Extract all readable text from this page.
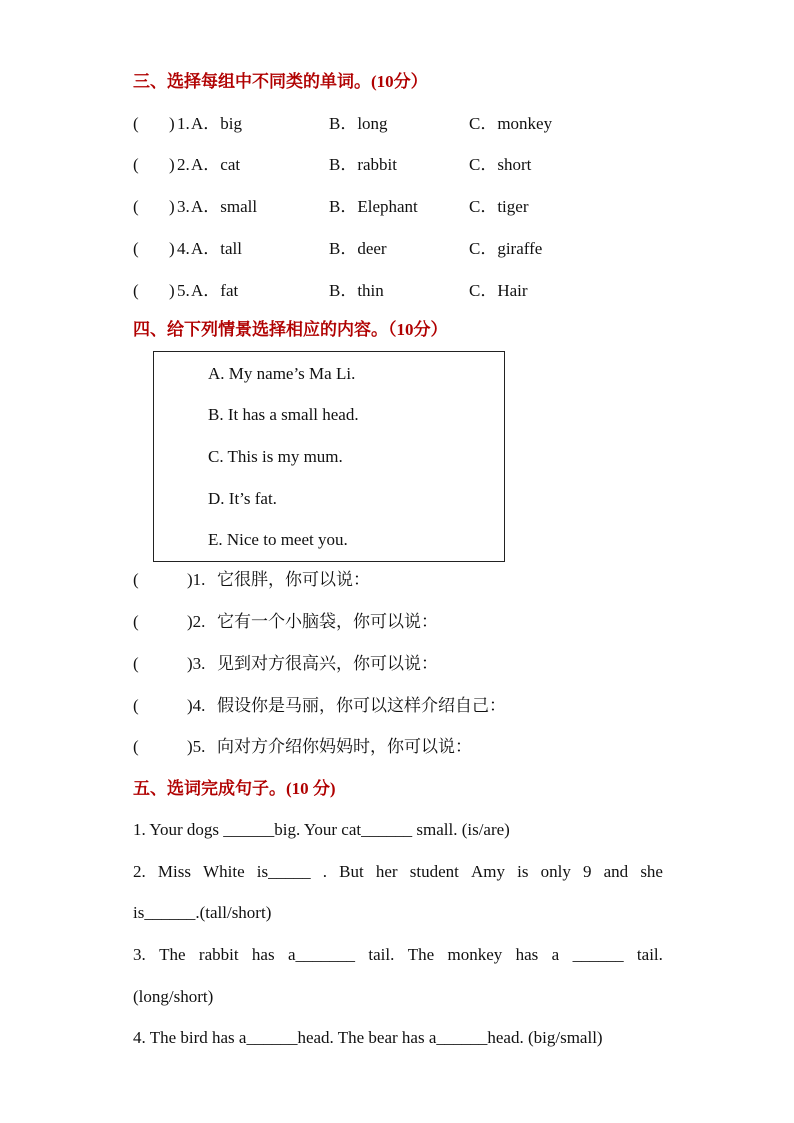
三、选择每组中不同类的单词。(10分）
( ) 1. A．big	B．long	C．monkey
( ) 2. A．cat	B．rabbit	C．short
( ) 3. A．small	B．Elephant	C．tiger
( ) 4. A．tall	B．deer	C．giraffe
( ) 5. A．fat	B．thin	C．Hair
四、给下列情景选择相应的内容。（10分）
A. My name’s Ma Li.
B. It has a small head.
C. This is my mum.
D. It’s fat.
E. Nice to meet you.
(	)1. 它很胖，你可以说：
(	)2. 它有一个小脑袋，你可以说：
(	)3. 见到对方很高兴，你可以说：
(	)4. 假设你是马丽，你可以这样介绍自己：
(	)5. 向对方介绍你妈妈时，你可以说：
五、选词完成句子。(10 分)
1. Your dogs ______big. Your cat______ small. (is/are)
2. Miss White is_____ . But her student Amy is only 9 and she
is______.(tall/short)
3. The rabbit has a_______ tail. The monkey has a ______ tail.
(long/short)
4. The bird has a______head. The bear has a______head. (big/small)
